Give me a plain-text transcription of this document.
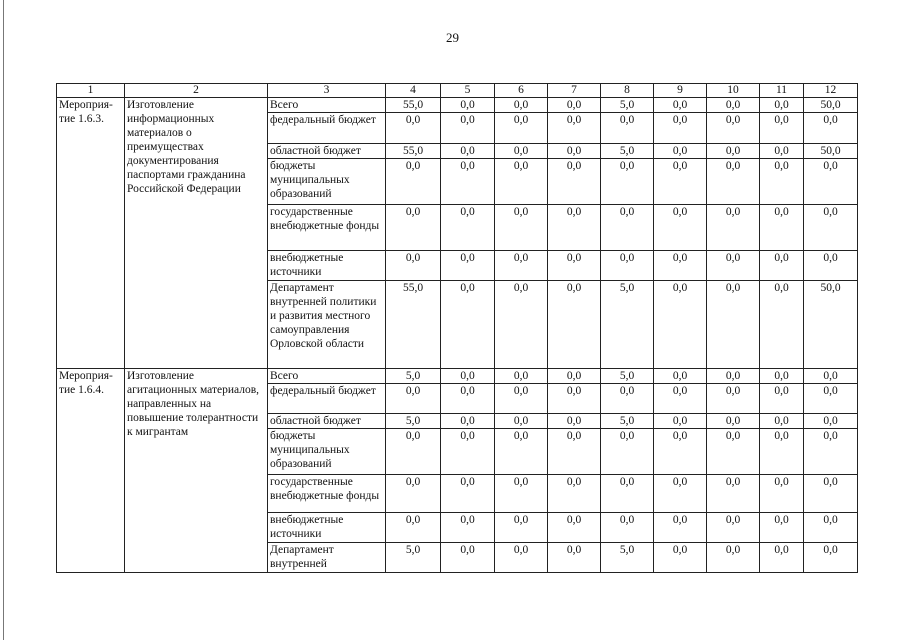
29
1	2	3	4	5	6	7	8	9	10	11	12
Мероприя-тие 1.6.3.	Изготовление информационных материалов о преимуществах документирования паспортами гражданина Российской Федерации	Всего	55,0	0,0	0,0	0,0	5,0	0,0	0,0	0,0	50,0
		федеральный бюджет	0,0	0,0	0,0	0,0	0,0	0,0	0,0	0,0	0,0
		областной бюджет	55,0	0,0	0,0	0,0	5,0	0,0	0,0	0,0	50,0
		бюджеты муниципальных образований	0,0	0,0	0,0	0,0	0,0	0,0	0,0	0,0	0,0
		государственные внебюджетные фонды	0,0	0,0	0,0	0,0	0,0	0,0	0,0	0,0	0,0
		внебюджетные источники	0,0	0,0	0,0	0,0	0,0	0,0	0,0	0,0	0,0
		Департамент внутренней политики и развития местного самоуправления Орловской области	55,0	0,0	0,0	0,0	5,0	0,0	0,0	0,0	50,0
Мероприя-тие 1.6.4.	Изготовление агитационных материалов, направленных на повышение толерантности к мигрантам	Всего	5,0	0,0	0,0	0,0	5,0	0,0	0,0	0,0	0,0
		федеральный бюджет	0,0	0,0	0,0	0,0	0,0	0,0	0,0	0,0	0,0
		областной бюджет	5,0	0,0	0,0	0,0	5,0	0,0	0,0	0,0	0,0
		бюджеты муниципальных образований	0,0	0,0	0,0	0,0	0,0	0,0	0,0	0,0	0,0
		государственные внебюджетные фонды	0,0	0,0	0,0	0,0	0,0	0,0	0,0	0,0	0,0
		внебюджетные источники	0,0	0,0	0,0	0,0	0,0	0,0	0,0	0,0	0,0
		Департамент внутренней	5,0	0,0	0,0	0,0	5,0	0,0	0,0	0,0	0,0
